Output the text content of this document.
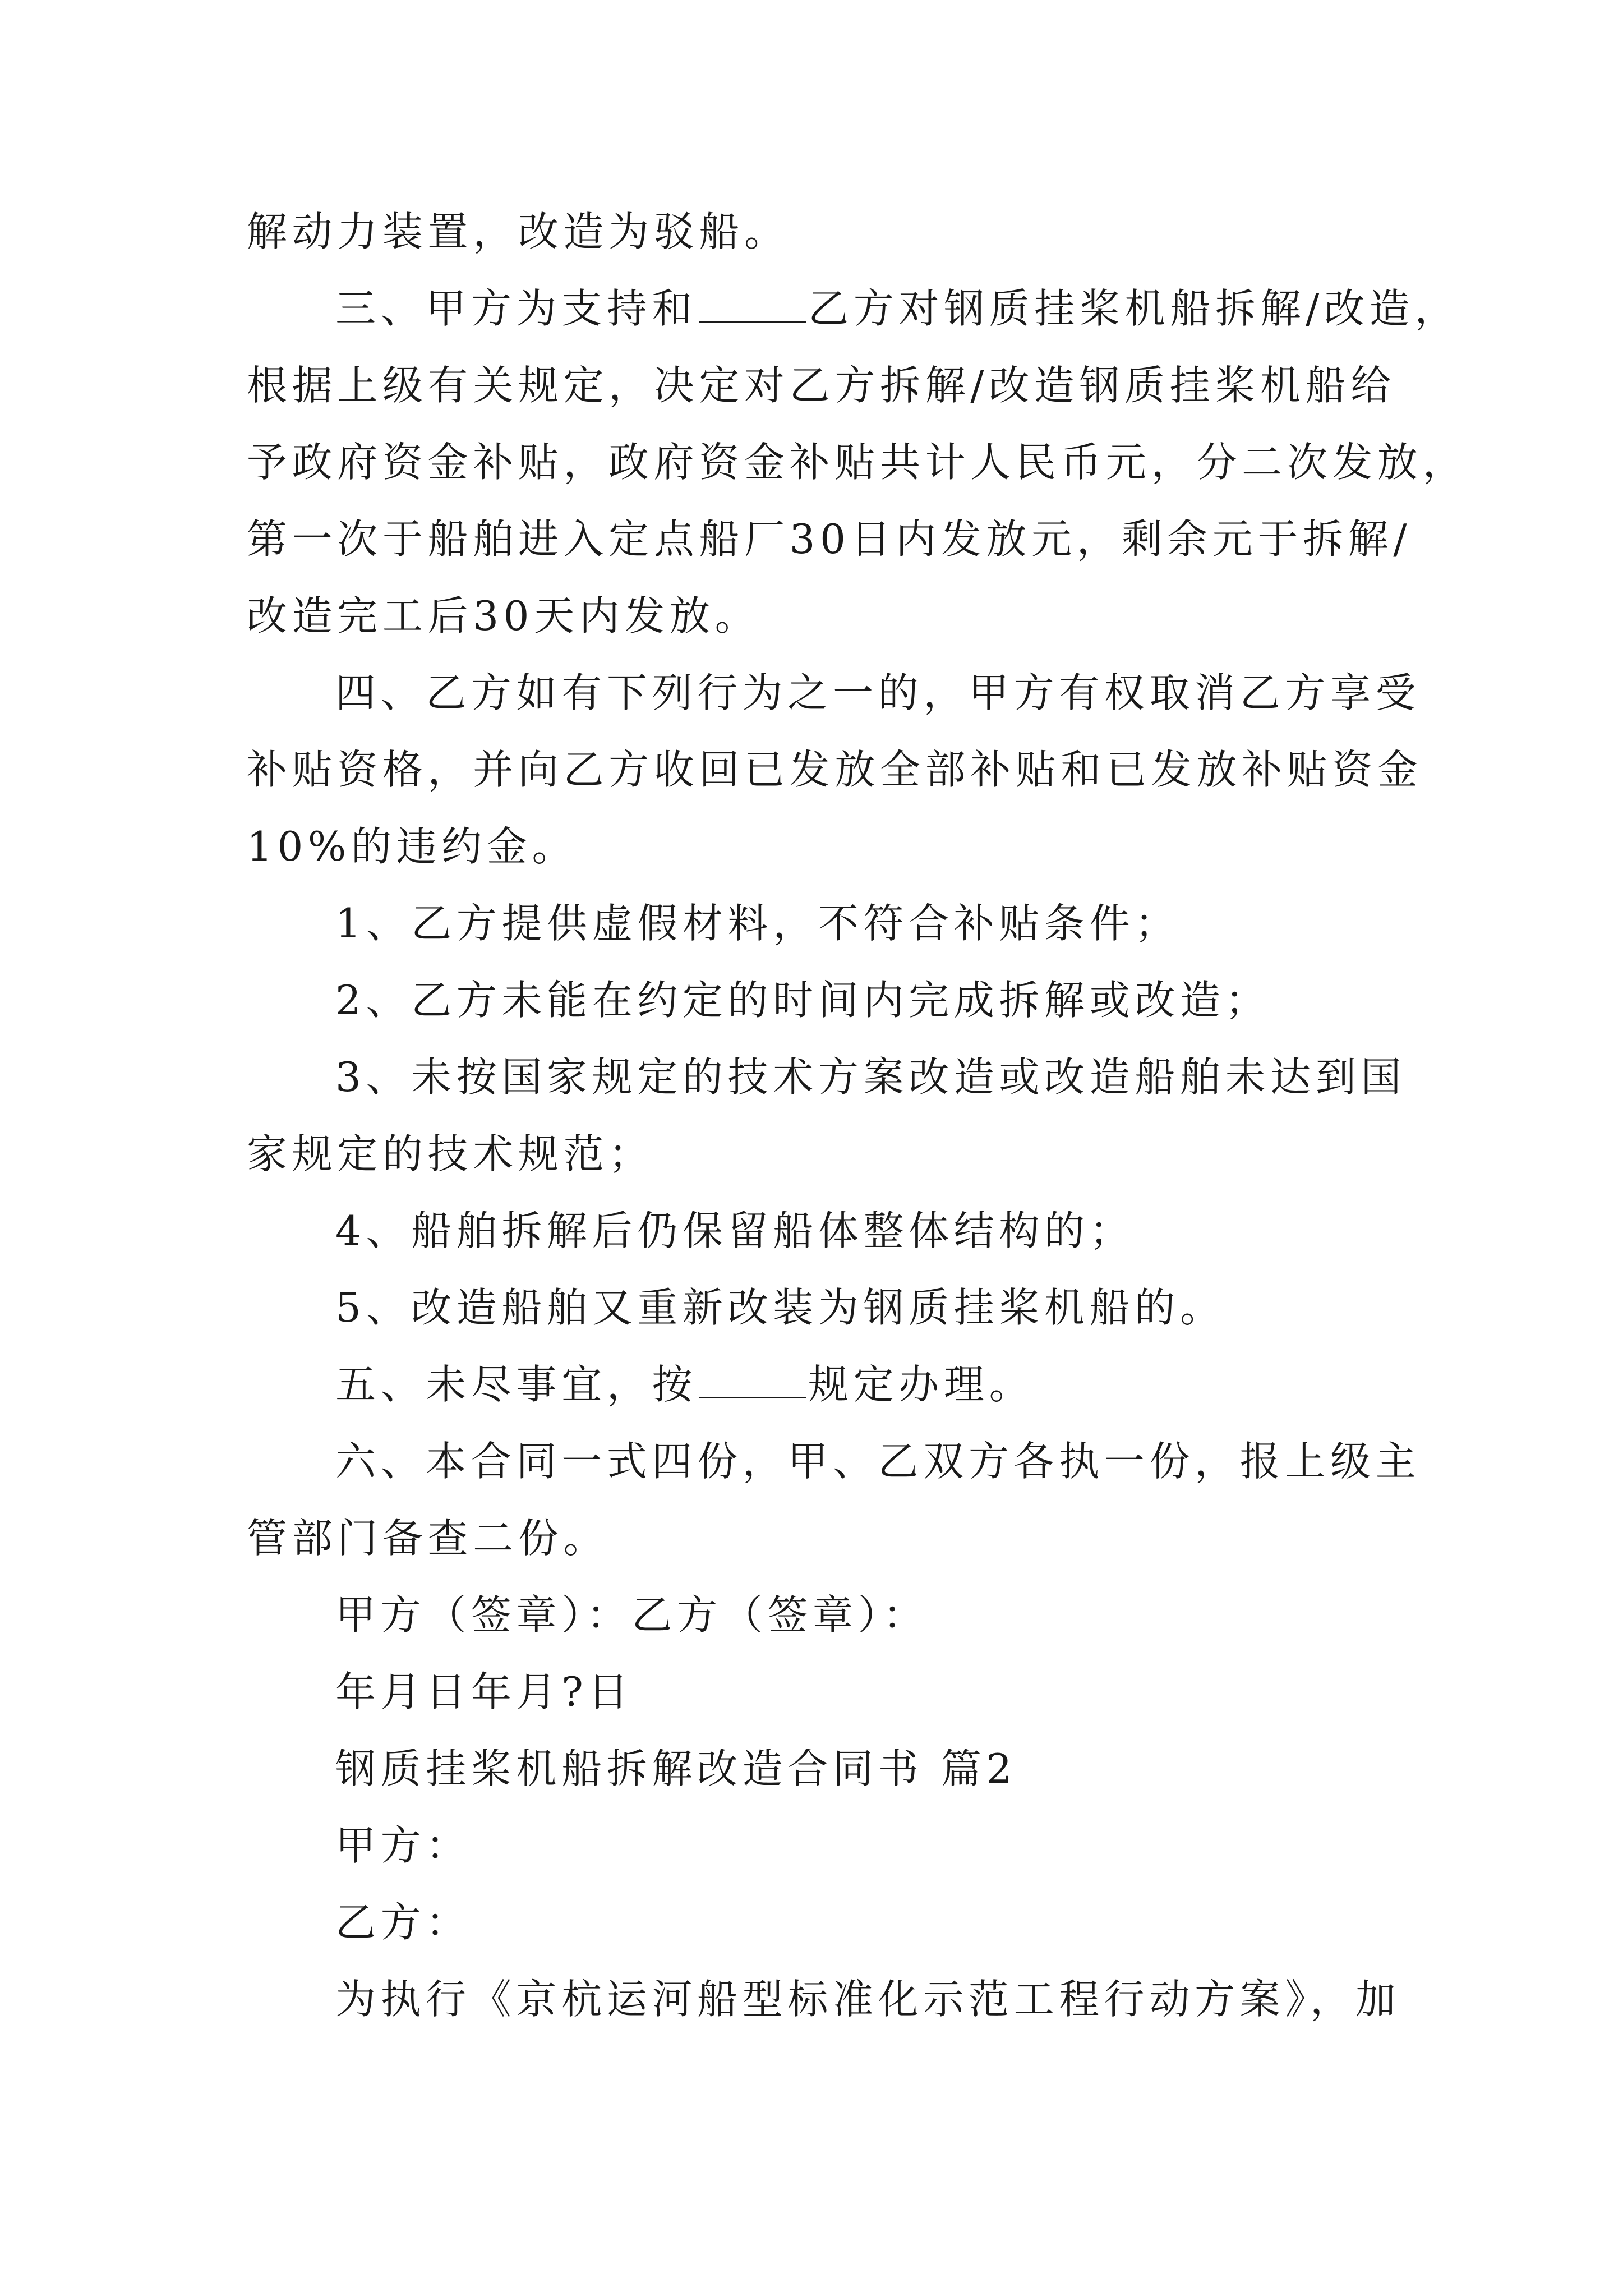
解动力装置，改造为驳船。
三、甲方为支持和	乙方对钢质挂桨机船拆解/改造，
根据上级有关规定，决定对乙方拆解/改造钢质挂桨机船给
予政府资金补贴，政府资金补贴共计人民币元，分二次发放，
第一次于船舶进入定点船厂30日内发放元，剩余元于拆解/
改造完工后30天内发放。
四、乙方如有下列行为之一的，甲方有权取消乙方享受
补贴资格，并向乙方收回已发放全部补贴和已发放补贴资金
10%的违约金。
1、乙方提供虚假材料，不符合补贴条件；
2、乙方未能在约定的时间内完成拆解或改造；
3、未按国家规定的技术方案改造或改造船舶未达到国
家规定的技术规范；
4、船舶拆解后仍保留船体整体结构的；
5、改造船舶又重新改装为钢质挂桨机船的。
五、未尽事宜，按	规定办理。
六、本合同一式四份，甲、乙双方各执一份，报上级主
管部门备查二份。
甲方（签章）：乙方（签章）：
年月日年月?日
钢质挂桨机船拆解改造合同书 篇2
甲方：
乙方：
为执行《京杭运河船型标准化示范工程行动方案》，加
